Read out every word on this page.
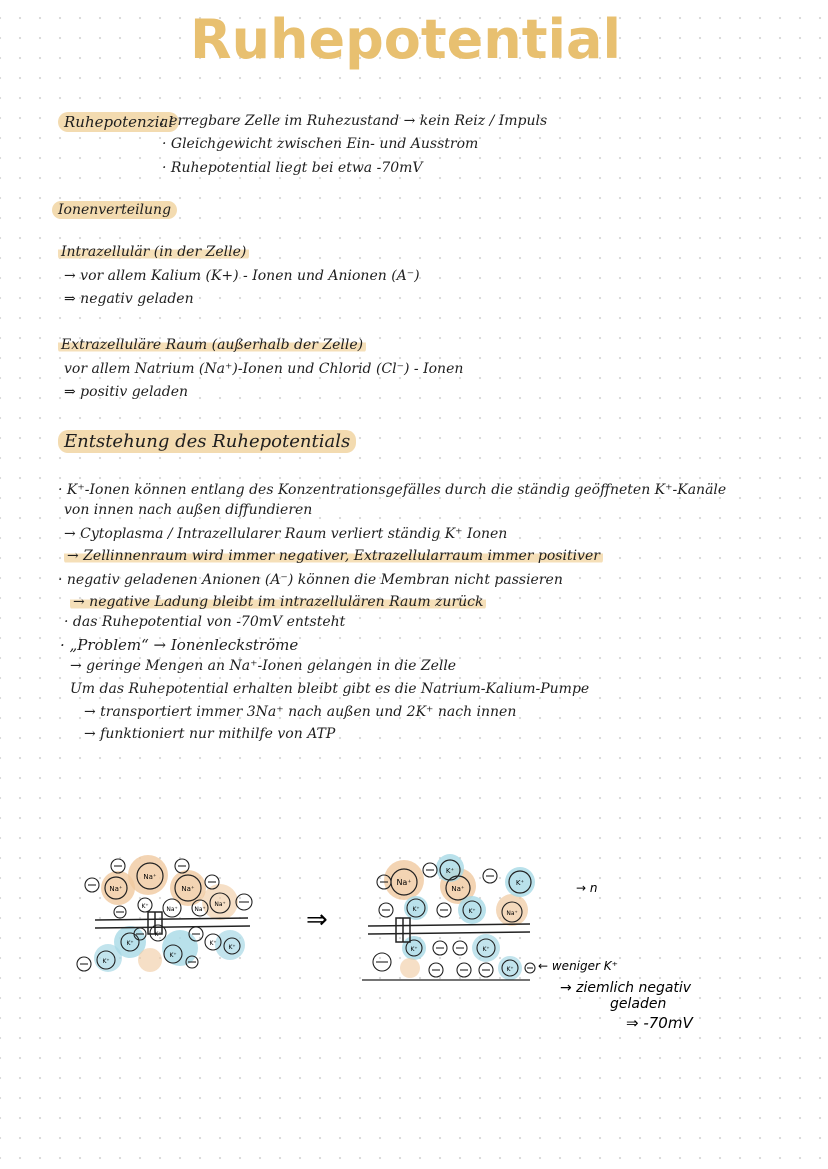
Ruhepotential
Ruhepotenzial
: erregbare Zelle im Ruhezustand → kein Reiz / Impuls
· Gleichgewicht zwischen Ein- und Ausstrom
· Ruhepotential liegt bei etwa -70mV
Ionenverteilung
Intrazellulär (in der Zelle)
→ vor allem Kalium (K+) - Ionen und Anionen (A⁻)
⇒ negativ geladen
Extrazelluläre Raum (außerhalb der Zelle)
vor allem Natrium (Na⁺)-Ionen und Chlorid (Cl⁻) - Ionen
⇒ positiv geladen
Entstehung des Ruhepotentials
· K⁺-Ionen können entlang des Konzentrationsgefälles durch die ständig geöffneten K⁺-Kanäle
von innen nach außen diffundieren
→ Cytoplasma / Intrazellularer Raum verliert ständig K⁺ Ionen
→ Zellinnenraum wird immer negativer, Extrazellularraum immer positiver
· negativ geladenen Anionen (A⁻) können die Membran nicht passieren
→ negative Ladung bleibt im intrazellulären Raum zurück
· das Ruhepotential von -70mV entsteht
· „Problem“ → Ionenleckströme
→ geringe Mengen an Na⁺-Ionen gelangen in die Zelle
Um das Ruhepotential erhalten bleibt gibt es die Natrium-Kalium-Pumpe
→ transportiert immer 3Na⁺ nach außen und 2K⁺ nach innen
→ funktioniert nur mithilfe von ATP
Na⁺
Na⁺
Na⁺
Na⁺	Na⁺
Na⁺
K⁺
K⁺
K⁺
K⁺
K⁺
K⁺
K⁺
⇒
Na⁺
K⁺
Na⁺
K⁺
K⁺	K⁺	Na⁺
K⁺	K⁺
K⁺
→ n
← weniger K⁺
→ ziemlich negativ
geladen
⇒ -70mV
